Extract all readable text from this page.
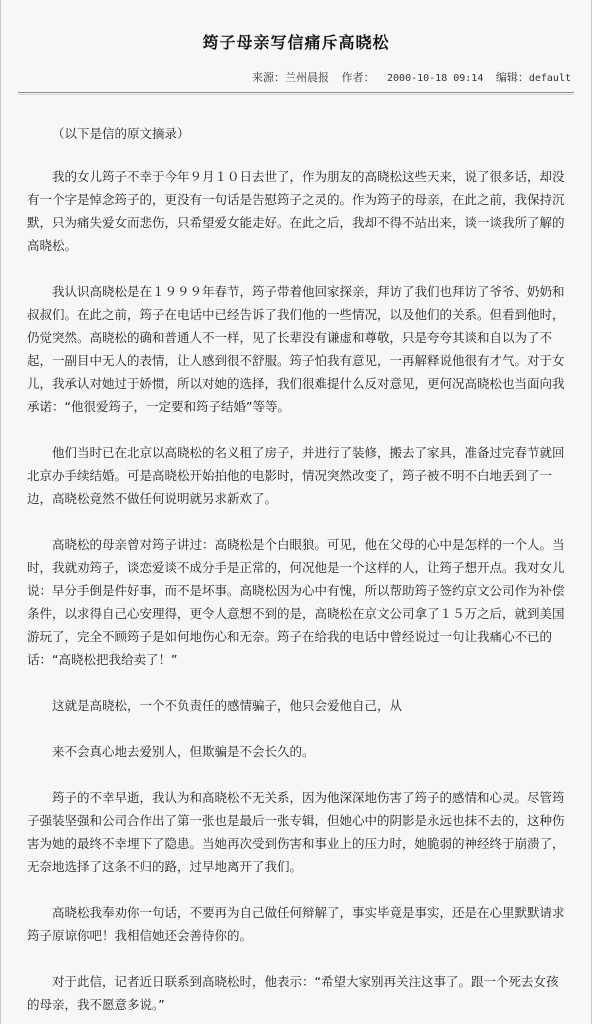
筠子母亲写信痛斥高晓松
来源：兰州晨报 作者： 2000-10-18 09:14 编辑：default

（以下是信的原文摘录）

我的女儿筠子不幸于今年９月１０日去世了，作为朋友的高晓松这些天来，说了很多话，却没有一个字是悼念筠子的，更没有一句话是告慰筠子之灵的。作为筠子的母亲，在此之前，我保持沉默，只为痛失爱女而悲伤，只希望爱女能走好。在此之后，我却不得不站出来，谈一谈我所了解的高晓松。

我认识高晓松是在１９９９年春节，筠子带着他回家探亲，拜访了我们也拜访了爷爷、奶奶和叔叔们。在此之前，筠子在电话中已经告诉了我们他的一些情况，以及他们的关系。但看到他时，仍觉突然。高晓松的确和普通人不一样，见了长辈没有谦虚和尊敬，只是夸夸其谈和自以为了不起，一副目中无人的表情，让人感到很不舒服。筠子怕我有意见，一再解释说他很有才气。对于女儿，我承认对她过于娇惯，所以对她的选择，我们很难提什么反对意见，更何况高晓松也当面向我承诺：“他很爱筠子，一定要和筠子结婚”等等。

他们当时已在北京以高晓松的名义租了房子，并进行了装修，搬去了家具，准备过完春节就回北京办手续结婚。可是高晓松开始拍他的电影时，情况突然改变了，筠子被不明不白地丢到了一边，高晓松竟然不做任何说明就另求新欢了。

高晓松的母亲曾对筠子讲过：高晓松是个白眼狼。可见，他在父母的心中是怎样的一个人。当时，我就劝筠子，谈恋爱谈不成分手是正常的，何况他是一个这样的人，让筠子想开点。我对女儿说：早分手倒是件好事，而不是坏事。高晓松因为心中有愧，所以帮助筠子签约京文公司作为补偿条件，以求得自己心安理得，更令人意想不到的是，高晓松在京文公司拿了１５万之后，就到美国游玩了，完全不顾筠子是如何地伤心和无奈。筠子在给我的电话中曾经说过一句让我痛心不已的话：“高晓松把我给卖了！”

这就是高晓松，一个不负责任的感情骗子，他只会爱他自己，从

来不会真心地去爱别人，但欺骗是不会长久的。

筠子的不幸早逝，我认为和高晓松不无关系，因为他深深地伤害了筠子的感情和心灵。尽管筠子强装坚强和公司合作出了第一张也是最后一张专辑，但她心中的阴影是永远也抹不去的，这种伤害为她的最终不幸埋下了隐患。当她再次受到伤害和事业上的压力时，她脆弱的神经终于崩溃了，无奈地选择了这条不归的路，过早地离开了我们。

高晓松我奉劝你一句话，不要再为自己做任何辩解了，事实毕竟是事实，还是在心里默默请求筠子原谅你吧！我相信她还会善待你的。

对于此信，记者近日联系到高晓松时，他表示：“希望大家别再关注这事了。跟一个死去女孩的母亲，我不愿意多说。”
